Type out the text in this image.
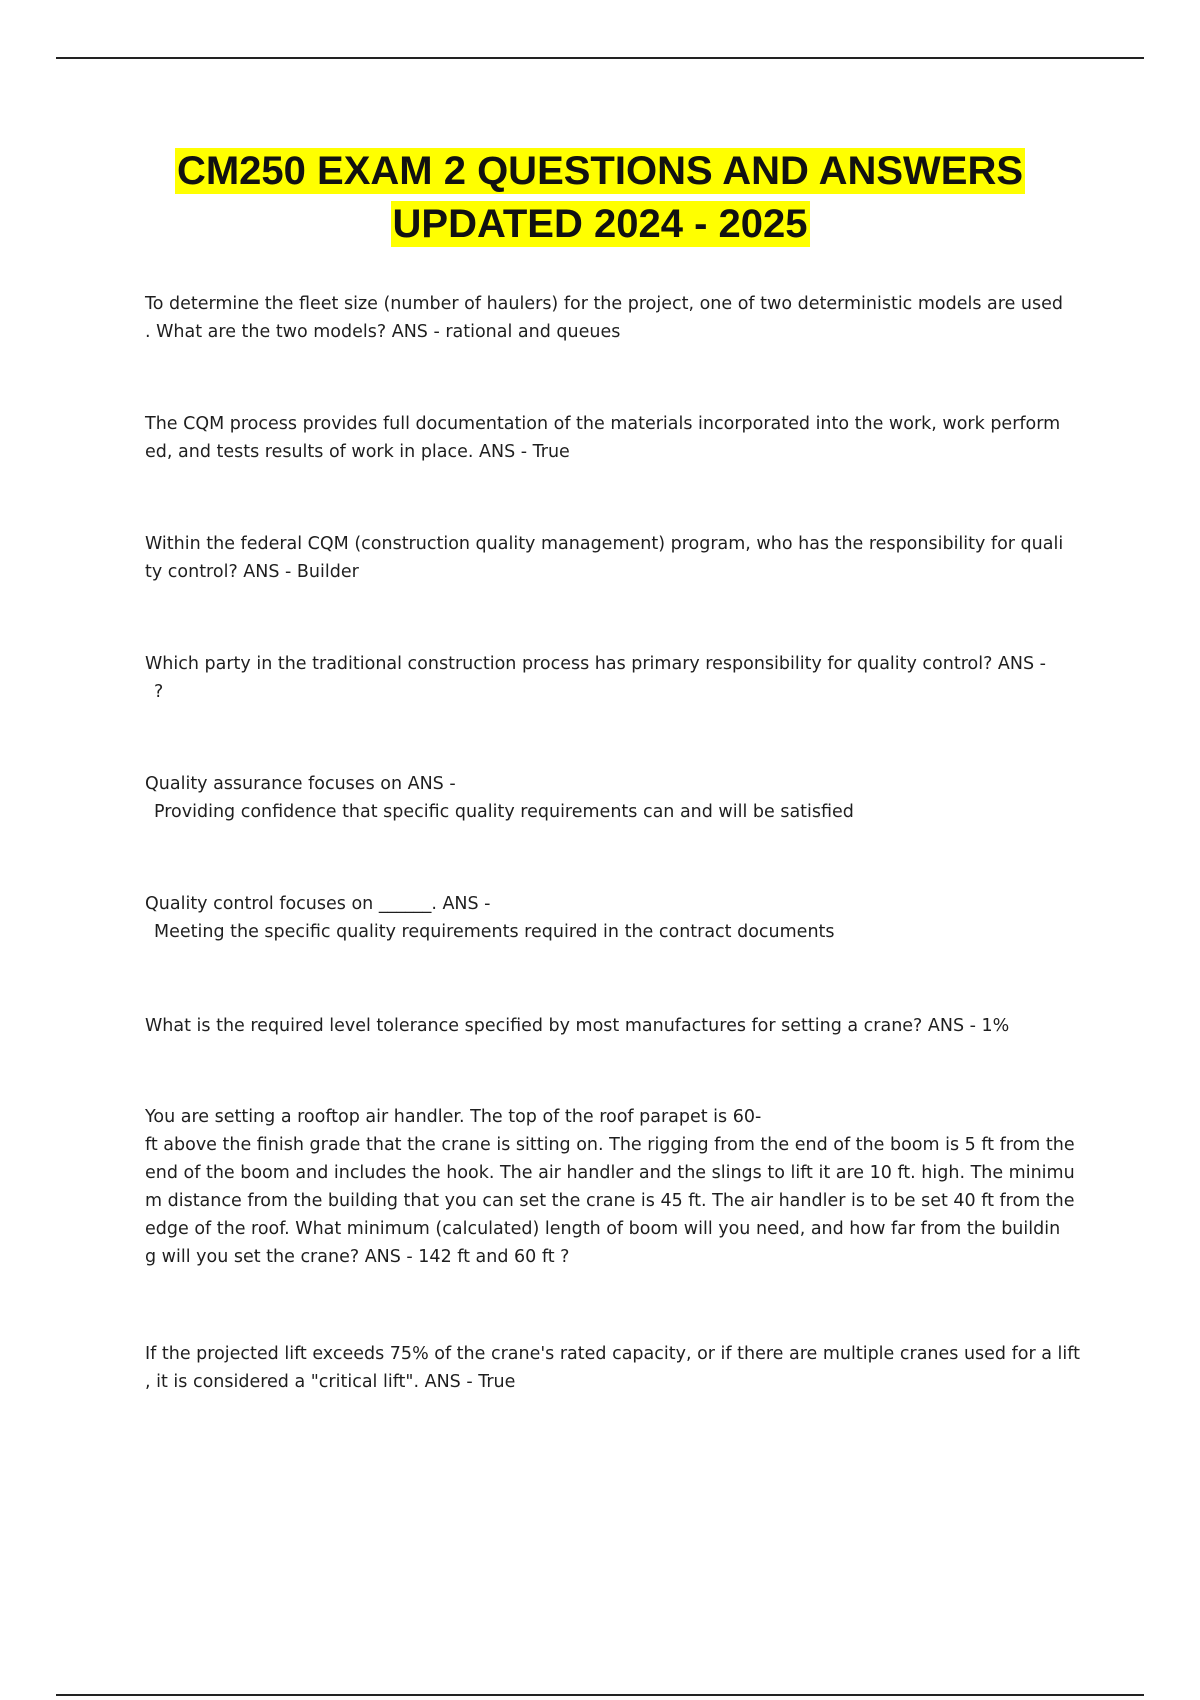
CM250 EXAM 2 QUESTIONS AND ANSWERS
UPDATED 2024 - 2025
To determine the fleet size (number of haulers) for the project, one of two deterministic models are used
. What are the two models? ANS - rational and queues
The CQM process provides full documentation of the materials incorporated into the work, work perform
ed, and tests results of work in place. ANS - True
Within the federal CQM (construction quality management) program, who has the responsibility for quali
ty control? ANS - Builder
Which party in the traditional construction process has primary responsibility for quality control? ANS -
?
Quality assurance focuses on ANS -
Providing confidence that specific quality requirements can and will be satisfied
Quality control focuses on ______. ANS -
Meeting the specific quality requirements required in the contract documents
What is the required level tolerance specified by most manufactures for setting a crane? ANS - 1%
You are setting a rooftop air handler. The top of the roof parapet is 60-
ft above the finish grade that the crane is sitting on. The rigging from the end of the boom is 5 ft from the
end of the boom and includes the hook. The air handler and the slings to lift it are 10 ft. high. The minimu
m distance from the building that you can set the crane is 45 ft. The air handler is to be set 40 ft from the
edge of the roof. What minimum (calculated) length of boom will you need, and how far from the buildin
g will you set the crane? ANS - 142 ft and 60 ft ?
If the projected lift exceeds 75% of the crane's rated capacity, or if there are multiple cranes used for a lift
, it is considered a "critical lift". ANS - True
